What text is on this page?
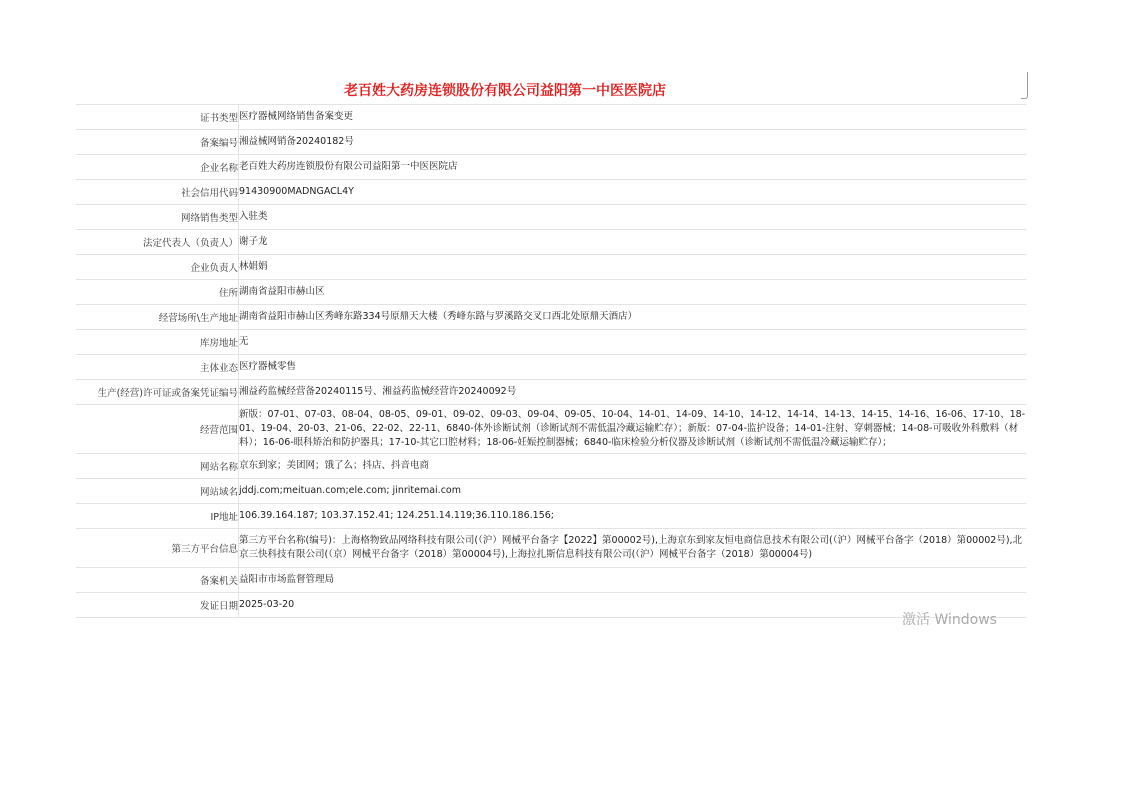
老百姓大药房连锁股份有限公司益阳第一中医医院店
证书类型	医疗器械网络销售备案变更
备案编号	湘益械网销备20240182号
企业名称	老百姓大药房连锁股份有限公司益阳第一中医医院店
社会信用代码	91430900MADNGACL4Y
网络销售类型	入驻类
法定代表人（负责人）	谢子龙
企业负责人	林娟娟
住所	湖南省益阳市赫山区
经营场所\生产地址	湖南省益阳市赫山区秀峰东路334号原鼎天大楼（秀峰东路与罗溪路交叉口西北处原鼎天酒店）
库房地址	无
主体业态	医疗器械零售
生产(经营)许可证或备案凭证编号	湘益药监械经营备20240115号、湘益药监械经营许20240092号
经营范围	新版：07-01、07-03、08-04、08-05、09-01、09-02、09-03、09-04、09-05、10-04、14-01、14-09、14-10、14-12、14-14、14-13、14-15、14-16、16-06、17-10、18-01、19-04、20-03、21-06、22-02、22-11、6840-体外诊断试剂（诊断试剂不需低温冷藏运输贮存）；新版：07-04-监护设备；14-01-注射、穿刺器械；14-08-可吸收外科敷料（材料）；16-06-眼科矫治和防护器具；17-10-其它口腔材料；18-06-妊娠控制器械；6840-临床检验分析仪器及诊断试剂（诊断试剂不需低温冷藏运输贮存）；
网站名称	京东到家；美团网；饿了么；抖店、抖音电商
网站域名	jddj.com;meituan.com;ele.com; jinritemai.com
IP地址	106.39.164.187; 103.37.152.41; 124.251.14.119;36.110.186.156;
第三方平台信息	第三方平台名称(编号)：上海格物致品网络科技有限公司(（沪）网械平台备字【2022】第00002号),上海京东到家友恒电商信息技术有限公司(（沪）网械平台备字（2018）第00002号),北京三快科技有限公司(（京）网械平台备字（2018）第00004号),上海拉扎斯信息科技有限公司(（沪）网械平台备字（2018）第00004号)
备案机关	益阳市市场监督管理局
发证日期	2025-03-20
激活 Windows
